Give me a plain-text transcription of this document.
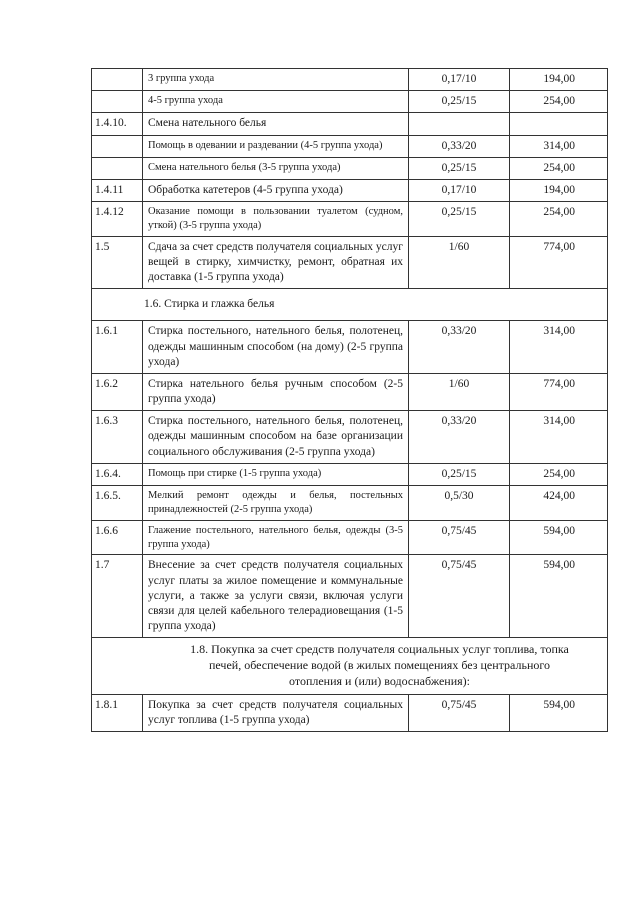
	3 группа ухода	0,17/10	194,00
	4-5 группа ухода	0,25/15	254,00
1.4.10.	Смена нательного белья		
	Помощь в одевании и раздевании (4-5 группа ухода)	0,33/20	314,00
	Смена нательного белья (3-5 группа ухода)	0,25/15	254,00
1.4.11	Обработка катетеров (4-5 группа ухода)	0,17/10	194,00
1.4.12	Оказание помощи в пользовании туалетом (судном, уткой) (3-5 группа ухода)	0,25/15	254,00
1.5	Сдача за счет средств получателя социальных услуг вещей в стирку, химчистку, ремонт, обратная их доставка (1-5 группа ухода)	1/60	774,00
1.6. Стирка и глажка белья			
1.6.1	Стирка постельного, нательного белья, полотенец, одежды машинным способом (на дому) (2-5 группа ухода)	0,33/20	314,00
1.6.2	Стирка нательного белья ручным способом (2-5 группа ухода)	1/60	774,00
1.6.3	Стирка постельного, нательного белья, полотенец, одежды машинным способом на базе организации социального обслуживания (2-5 группа ухода)	0,33/20	314,00
1.6.4.	Помощь при стирке (1-5 группа ухода)	0,25/15	254,00
1.6.5.	Мелкий ремонт одежды и белья, постельных принадлежностей (2-5 группа ухода)	0,5/30	424,00
1.6.6	Глажение постельного, нательного белья, одежды (3-5 группа ухода)	0,75/45	594,00
1.7	Внесение за счет средств получателя социальных услуг платы за жилое помещение и коммунальные услуги, а также за услуги связи, включая услуги связи для целей кабельного телерадиовещания (1-5 группа ухода)	0,75/45	594,00
1.8. Покупка за счет средств получателя социальных услуг топлива, топка печей, обеспечение водой (в жилых помещениях без центрального отопления и (или) водоснабжения):			
1.8.1	Покупка за счет средств получателя социальных услуг топлива (1-5 группа ухода)	0,75/45	594,00
